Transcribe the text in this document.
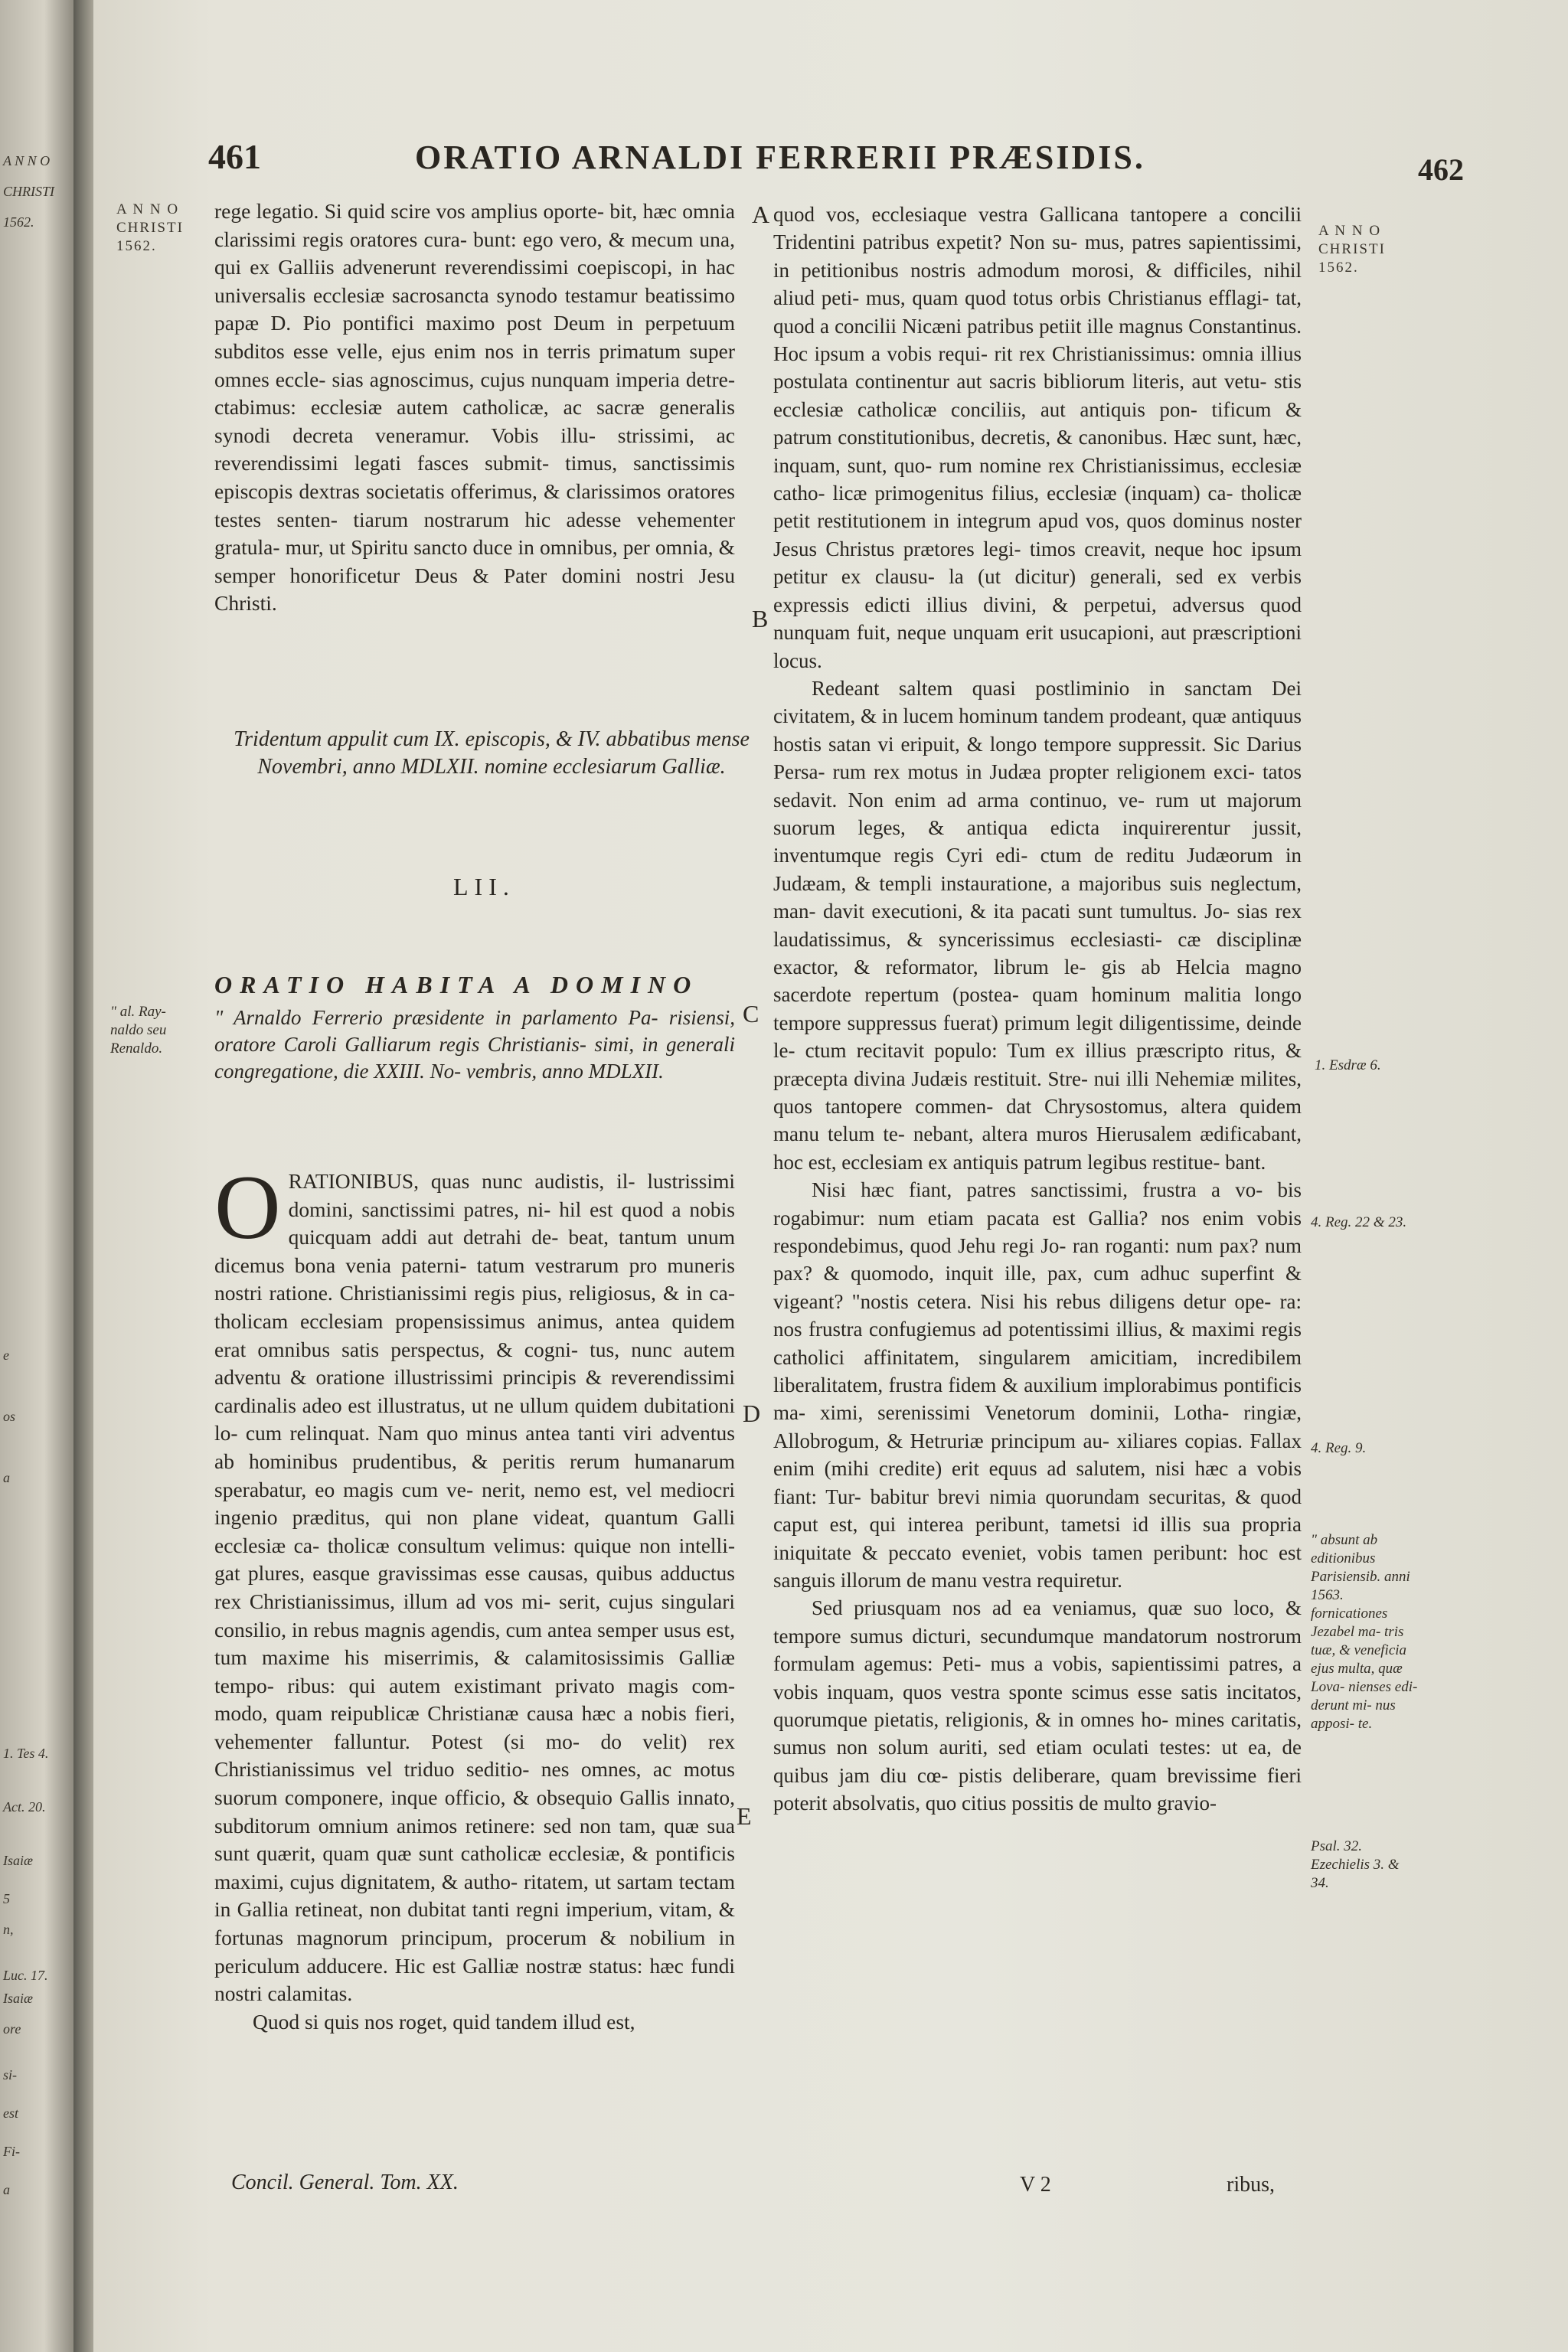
A N N O
CHRISTI
1562.
e
os
a
1. Tes 4.
Act. 20.
Isaiæ
5
n,
Luc. 17.
Isaiæ
ore
si-
est
Fi-
a
461	ORATIO ARNALDI FERRERII PRÆSIDIS.	462
A N N O
CHRISTI
1562.
A N N O
CHRISTI
1562.
A
B
C
D
E

rege legatio. Si quid scire vos amplius oporte- bit, hæc omnia clarissimi regis oratores cura- bunt: ego vero, & mecum una, qui ex Galliis advenerunt reverendissimi coepiscopi, in hac universalis ecclesiæ sacrosancta synodo testamur beatissimo papæ D. Pio pontifici maximo post Deum in perpetuum subditos esse velle, ejus enim nos in terris primatum super omnes eccle- sias agnoscimus, cujus nunquam imperia detre- ctabimus: ecclesiæ autem catholicæ, ac sacræ generalis synodi decreta veneramur. Vobis illu- strissimi, ac reverendissimi legati fasces submit- timus, sanctissimis episcopis dextras societatis offerimus, & clarissimos oratores testes senten- tiarum nostrarum hic adesse vehementer gratula- mur, ut Spiritu sancto duce in omnibus, per omnia, & semper honorificetur Deus & Pater domini nostri Jesu Christi.

Tridentum appulit cum IX. episcopis, & IV. abbatibus mense Novembri, anno MDLXII. nomine ecclesiarum Galliæ.
LII.
ORATIO HABITA A DOMINO
" al. Ray- naldo seu Renaldo.
" Arnaldo Ferrerio præsidente in parlamento Pa- risiensi, oratore Caroli Galliarum regis Christianis- simi, in generali congregatione, die XXIII. No- vembris, anno MDLXII.

ORATIONIBUS, quas nunc audistis, il- lustrissimi domini, sanctissimi patres, ni- hil est quod a nobis quicquam addi aut detrahi de- beat, tantum unum dicemus bona venia paterni- tatum vestrarum pro muneris nostri ratione. Christianissimi regis pius, religiosus, & in ca- tholicam ecclesiam propensissimus animus, antea quidem erat omnibus satis perspectus, & cogni- tus, nunc autem adventu & oratione illustrissimi principis & reverendissimi cardinalis adeo est illustratus, ut ne ullum quidem dubitationi lo- cum relinquat. Nam quo minus antea tanti viri adventus ab hominibus prudentibus, & peritis rerum humanarum sperabatur, eo magis cum ve- nerit, nemo est, vel mediocri ingenio præditus, qui non plane videat, quantum Galli ecclesiæ ca- tholicæ consultum velimus: quique non intelli- gat plures, easque gravissimas esse causas, quibus adductus rex Christianissimus, illum ad vos mi- serit, cujus singulari consilio, in rebus magnis agendis, cum antea semper usus est, tum maxime his miserrimis, & calamitosissimis Galliæ tempo- ribus: qui autem existimant privato magis com- modo, quam reipublicæ Christianæ causa hæc a nobis fieri, vehementer falluntur. Potest (si mo- do velit) rex Christianissimus vel triduo seditio- nes omnes, ac motus suorum componere, inque officio, & obsequio Gallis innato, subditorum omnium animos retinere: sed non tam, quæ sua sunt quærit, quam quæ sunt catholicæ ecclesiæ, & pontificis maximi, cujus dignitatem, & autho- ritatem, ut sartam tectam in Gallia retineat, non dubitat tanti regni imperium, vitam, & fortunas magnorum principum, procerum & nobilium in periculum adducere. Hic est Galliæ nostræ status: hæc fundi nostri calamitas.

Quod si quis nos roget, quid tandem illud est,

Concil. General. Tom. XX.

quod vos, ecclesiaque vestra Gallicana tantopere a concilii Tridentini patribus expetit? Non su- mus, patres sapientissimi, in petitionibus nostris admodum morosi, & difficiles, nihil aliud peti- mus, quam quod totus orbis Christianus efflagi- tat, quod a concilii Nicæni patribus petiit ille magnus Constantinus. Hoc ipsum a vobis requi- rit rex Christianissimus: omnia illius postulata continentur aut sacris bibliorum literis, aut vetu- stis ecclesiæ catholicæ conciliis, aut antiquis pon- tificum & patrum constitutionibus, decretis, & canonibus. Hæc sunt, hæc, inquam, sunt, quo- rum nomine rex Christianissimus, ecclesiæ catho- licæ primogenitus filius, ecclesiæ (inquam) ca- tholicæ petit restitutionem in integrum apud vos, quos dominus noster Jesus Christus prætores legi- timos creavit, neque hoc ipsum petitur ex clausu- la (ut dicitur) generali, sed ex verbis expressis edicti illius divini, & perpetui, adversus quod nunquam fuit, neque unquam erit usucapioni, aut præscriptioni locus.

Redeant saltem quasi postliminio in sanctam Dei civitatem, & in lucem hominum tandem prodeant, quæ antiquus hostis satan vi eripuit, & longo tempore suppressit. Sic Darius Persa- rum rex motus in Judæa propter religionem exci- tatos sedavit. Non enim ad arma continuo, ve- rum ut majorum suorum leges, & antiqua edicta inquirerentur jussit, inventumque regis Cyri edi- ctum de reditu Judæorum in Judæam, & templi instauratione, a majoribus suis neglectum, man- davit executioni, & ita pacati sunt tumultus. Jo- sias rex laudatissimus, & syncerissimus ecclesiasti- cæ disciplinæ exactor, & reformator, librum le- gis ab Helcia magno sacerdote repertum (postea- quam hominum malitia longo tempore suppressus fuerat) primum legit diligentissime, deinde le- ctum recitavit populo: Tum ex illius præscripto ritus, & præcepta divina Judæis restituit. Stre- nui illi Nehemiæ milites, quos tantopere commen- dat Chrysostomus, altera quidem manu telum te- nebant, altera muros Hierusalem ædificabant, hoc est, ecclesiam ex antiquis patrum legibus restitue- bant.

Nisi hæc fiant, patres sanctissimi, frustra a vo- bis rogabimur: num etiam pacata est Gallia? nos enim vobis respondebimus, quod Jehu regi Jo- ran roganti: num pax? num pax? & quomodo, inquit ille, pax, cum adhuc superfint & vigeant? "nostis cetera. Nisi his rebus diligens detur ope- ra: nos frustra confugiemus ad potentissimi illius, & maximi regis catholici affinitatem, singularem amicitiam, incredibilem liberalitatem, frustra fidem & auxilium implorabimus pontificis ma- ximi, serenissimi Venetorum dominii, Lotha- ringiæ, Allobrogum, & Hetruriæ principum au- xiliares copias. Fallax enim (mihi credite) erit equus ad salutem, nisi hæc a vobis fiant: Tur- babitur brevi nimia quorundam securitas, & quod caput est, qui interea peribunt, tametsi id illis sua propria iniquitate & peccato eveniet, vobis tamen peribunt: hoc est sanguis illorum de manu vestra requiretur.

Sed priusquam nos ad ea veniamus, quæ suo loco, & tempore sumus dicturi, secundumque mandatorum nostrorum formulam agemus: Peti- mus a vobis, sapientissimi patres, a vobis inquam, quos vestra sponte scimus esse satis incitatos, quorumque pietatis, religionis, & in omnes ho- mines caritatis, sumus non solum auriti, sed etiam oculati testes: ut ea, de quibus jam diu cœ- pistis deliberare, quam brevissime fieri poterit absolvatis, quo citius possitis de multo gravio-

1. Esdræ 6.
4. Reg. 22 & 23.
4. Reg. 9.
" absunt ab editionibus Parisiensib. anni 1563. fornicationes Jezabel ma- tris tuæ, & veneficia ejus multa, quæ Lova- nienses edi- derunt mi- nus apposi- te.
Psal. 32. Ezechielis 3. & 34.
V 2	ribus,
